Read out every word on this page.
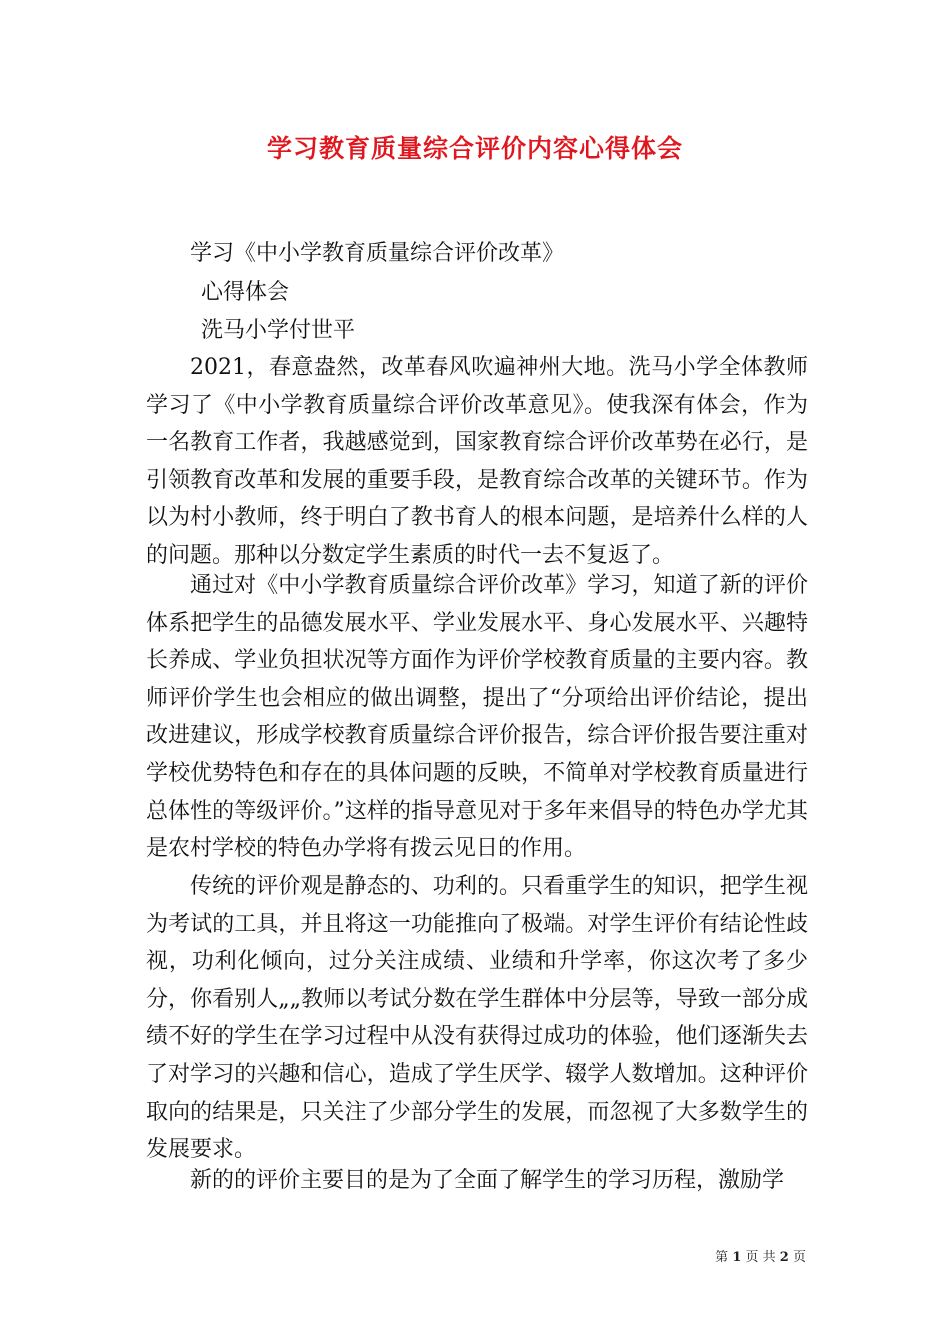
学习教育质量综合评价内容心得体会

学习《中小学教育质量综合评价改革》

心得体会

洗马小学付世平

2021，春意盎然，改革春风吹遍神州大地。洗马小学全体教师学习了《中小学教育质量综合评价改革意见》。使我深有体会，作为一名教育工作者，我越感觉到，国家教育综合评价改革势在必行，是引领教育改革和发展的重要手段，是教育综合改革的关键环节。作为以为村小教师，终于明白了教书育人的根本问题，是培养什么样的人的问题。那种以分数定学生素质的时代一去不复返了。

通过对《中小学教育质量综合评价改革》学习，知道了新的评价体系把学生的品德发展水平、学业发展水平、身心发展水平、兴趣特长养成、学业负担状况等方面作为评价学校教育质量的主要内容。教师评价学生也会相应的做出调整，提出了“分项给出评价结论，提出改进建议，形成学校教育质量综合评价报告，综合评价报告要注重对学校优势特色和存在的具体问题的反映，不简单对学校教育质量进行总体性的等级评价。”这样的指导意见对于多年来倡导的特色办学尤其是农村学校的特色办学将有拨云见日的作用。

传统的评价观是静态的、功利的。只看重学生的知识，把学生视为考试的工具，并且将这一功能推向了极端。对学生评价有结论性歧视，功利化倾向，过分关注成绩、业绩和升学率，你这次考了多少分，你看别人„„教师以考试分数在学生群体中分层等，导致一部分成绩不好的学生在学习过程中从没有获得过成功的体验，他们逐渐失去了对学习的兴趣和信心，造成了学生厌学、辍学人数增加。这种评价取向的结果是，只关注了少部分学生的发展，而忽视了大多数学生的发展要求。

新的的评价主要目的是为了全面了解学生的学习历程，激励学

第 1 页 共 2 页
